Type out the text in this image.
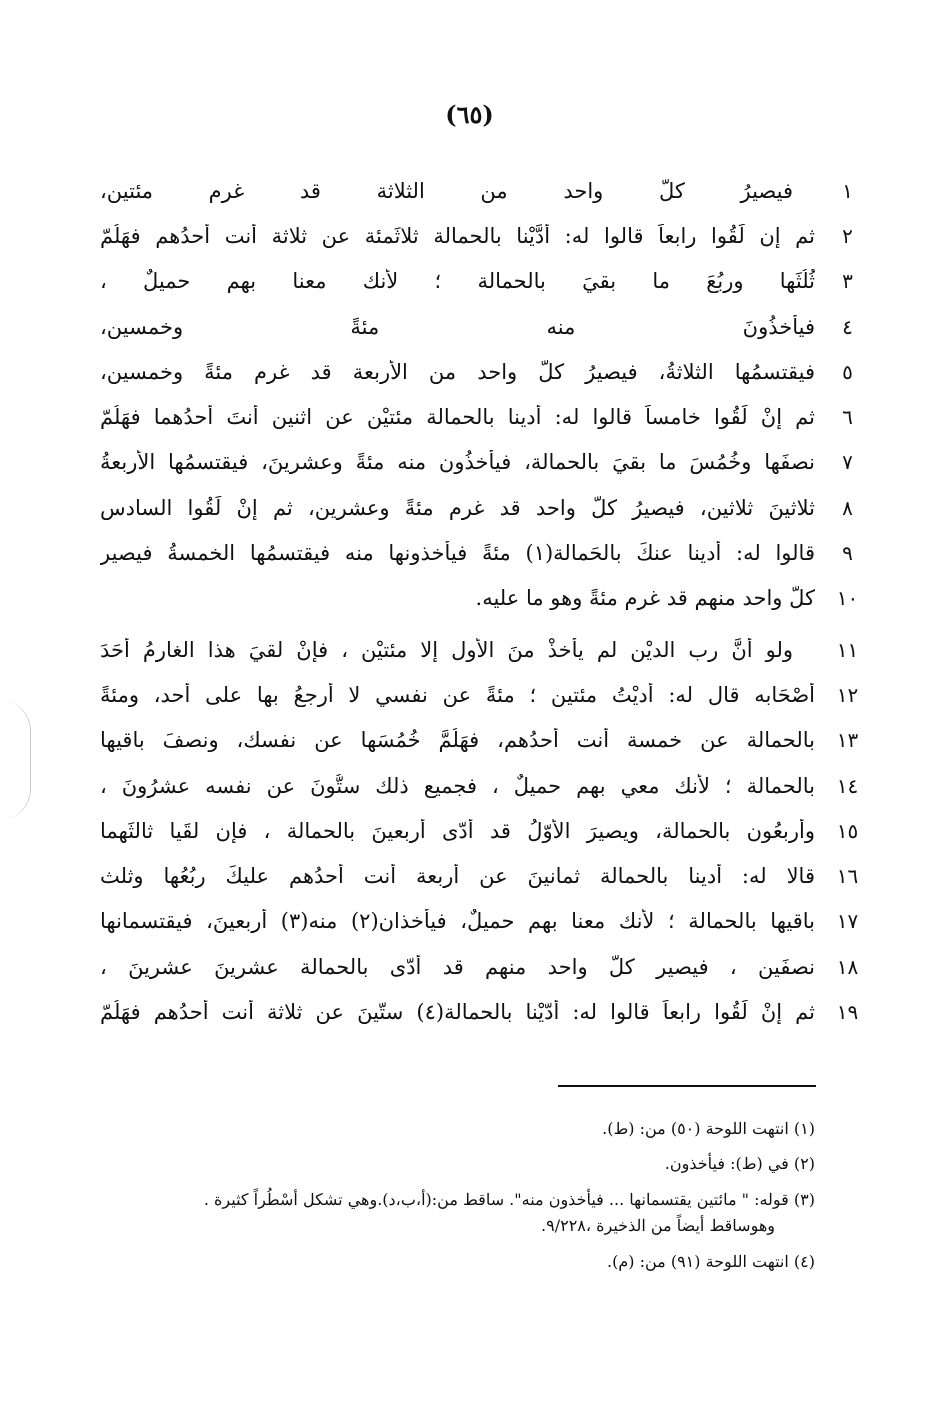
(٦٥)
١
فيصيرُ كلُّ واحد من الثلاثة قد غرم مئتين،
٢
ثم إن لَقُوا رابعاً قالوا له: أدَّيْنا بالحمالة ثلاثَمئة عن ثلاثة أنت أحدُهم فهَلُمّ
٣
ثُلُثَها وربُعَ ما بقيَ بالحمالة ؛ لأنك معنا بهم حميلٌ ،
٤
فيأخذُونَ منه مئةً وخمسين،
٥
فيقتسمُها الثلاثةُ، فيصيرُ كلُّ واحد من الأربعة قد غرم مئةً وخمسين،
٦
ثم إنْ لَقُوا خامساً قالوا له: أدينا بالحمالة مئتيْن عن اثنين أنتَ أحدُهما فهَلُمّ
٧
نصفَها وخُمُسَ ما بقيَ بالحمالة، فيأخذُون منه مئةً وعشرينَ، فيقتسمُها الأربعةُ
٨
ثلاثينَ ثلاثين، فيصيرُ كلُّ واحد قد غرم مئةً وعشرين، ثم إنْ لَقُوا السادس
٩
قالوا له: أدينا عنكَ بالحَمالة(١) مئةً فيأخذونها منه فيقتسمُها الخمسةُ فيصير
١٠
كلُّ واحد منهم قد غرم مئةً وهو ما عليه.
١١
ولو أنَّ رب الديْن لم يأخذْ منَ الأول إلا مئتيْن ، فإنْ لقيَ هذا الغارمُ أحَدَ
١٢
أصْحَابه قال له: أديْتُ مئتين ؛ مئةً عن نفسي لا أرجعُ بها على أحد، ومئةً
١٣
بالحمالة عن خمسة أنت أحدُهم، فهَلُمَّ خُمُسَها عن نفسك، ونصفَ باقيها
١٤
بالحمالة ؛ لأنك معي بهم حميلٌ ، فجميع ذلك ستُّونَ عن نفسه عشرُونَ ،
١٥
وأربعُون بالحمالة، ويصيرَ الأوّلُ قد أدّى أربعينَ بالحمالة ، فإن لقَيا ثالثَهما
١٦
قالا له: أدينا بالحمالة ثمانينَ عن أربعة أنت أحدُهم عليكَ ربُعُها وثلث
١٧
باقيها بالحمالة ؛ لأنك معنا بهم حميلٌ، فيأخذانِ(٢) منه(٣) أربعينَ، فيقتسمانها
١٨
نصفَين ، فيصير كلُّ واحد منهم قد أدّى بالحمالة عشرينَ عشرينَ ،
١٩
ثم إنْ لَقُوا رابعاً قالوا له: أدّيْنا بالحمالة(٤) ستّينَ عن ثلاثة أنت أحدُهم فهَلُمّ
(١) انتهت اللوحة (٥٠) من: (ط).
(٢) في (ط): فيأخذون.
(٣) قوله: " مائتين يقتسمانها ... فيأخذون منه". ساقط من:(أ،ب،د).وهي تشكل أسْطُراً كثيرة .
وهوساقط أيضاً من الذخيرة ،٩/٢٢٨.
(٤) انتهت اللوحة (٩١) من: (م).
